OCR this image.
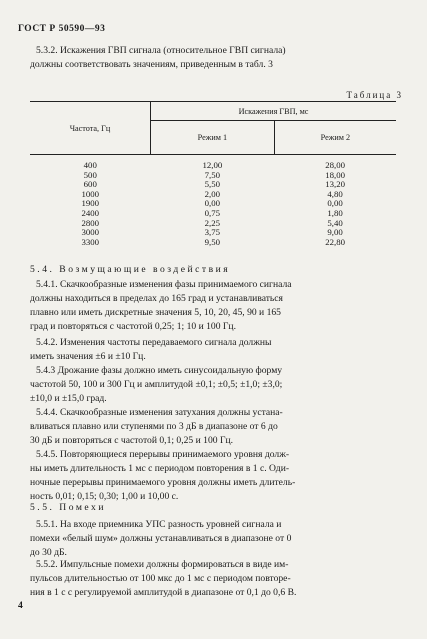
ГОСТ Р 50590—93
5.3.2. Искажения ГВП сигнала (относительное ГВП сигнала)
должны соответствовать значениям, приведенным в табл. 3
Таблица 3
Частота, Гц	Искажения ГВП, мс	
	Режим 1	Режим 2
400	12,00	28,00
500	7,50	18,00
600	5,50	13,20
1000	2,00	4,80
1900	0,00	0,00
2400	0,75	1,80
2800	2,25	5,40
3000	3,75	9,00
3300	9,50	22,80
5.4. Возмущающие воздействия
5.4.1. Скачкообразные изменения фазы принимаемого сигнала
должны находиться в пределах до 165 град и устанавливаться
плавно или иметь дискретные значения 5, 10, 20, 45, 90 и 165
град и повторяться с частотой 0,25; 1; 10 и 100 Гц.
5.4.2. Изменения частоты передаваемого сигнала должны
иметь значения ±6 и ±10 Гц.
5.4.3 Дрожание фазы должно иметь синусоидальную форму
частотой 50, 100 и 300 Гц и амплитудой ±0,1; ±0,5; ±1,0; ±3,0;
±10,0 и ±15,0 град.
5.4.4. Скачкообразные изменения затухания должны устана-
вливаться плавно или ступенями по 3 дБ в диапазоне от 6 до
30 дБ и повторяться с частотой 0,1; 0,25 и 100 Гц.
5.4.5. Повторяющиеся перерывы принимаемого уровня долж-
ны иметь длительность 1 мс с периодом повторения в 1 с. Оди-
ночные перерывы принимаемого уровня должны иметь длитель-
ность 0,01; 0,15; 0,30; 1,00 и 10,00 с.
5.5. Помехи
5.5.1. На входе приемника УПС разность уровней сигнала и
помехи «белый шум» должны устанавливаться в диапазоне от 0
до 30 дБ.
5.5.2. Импульсные помехи должны формироваться в виде им-
пульсов длительностью от 100 мкс до 1 мс с периодом повторе-
ния в 1 с с регулируемой амплитудой в диапазоне от 0,1 до 0,6 В.
4
